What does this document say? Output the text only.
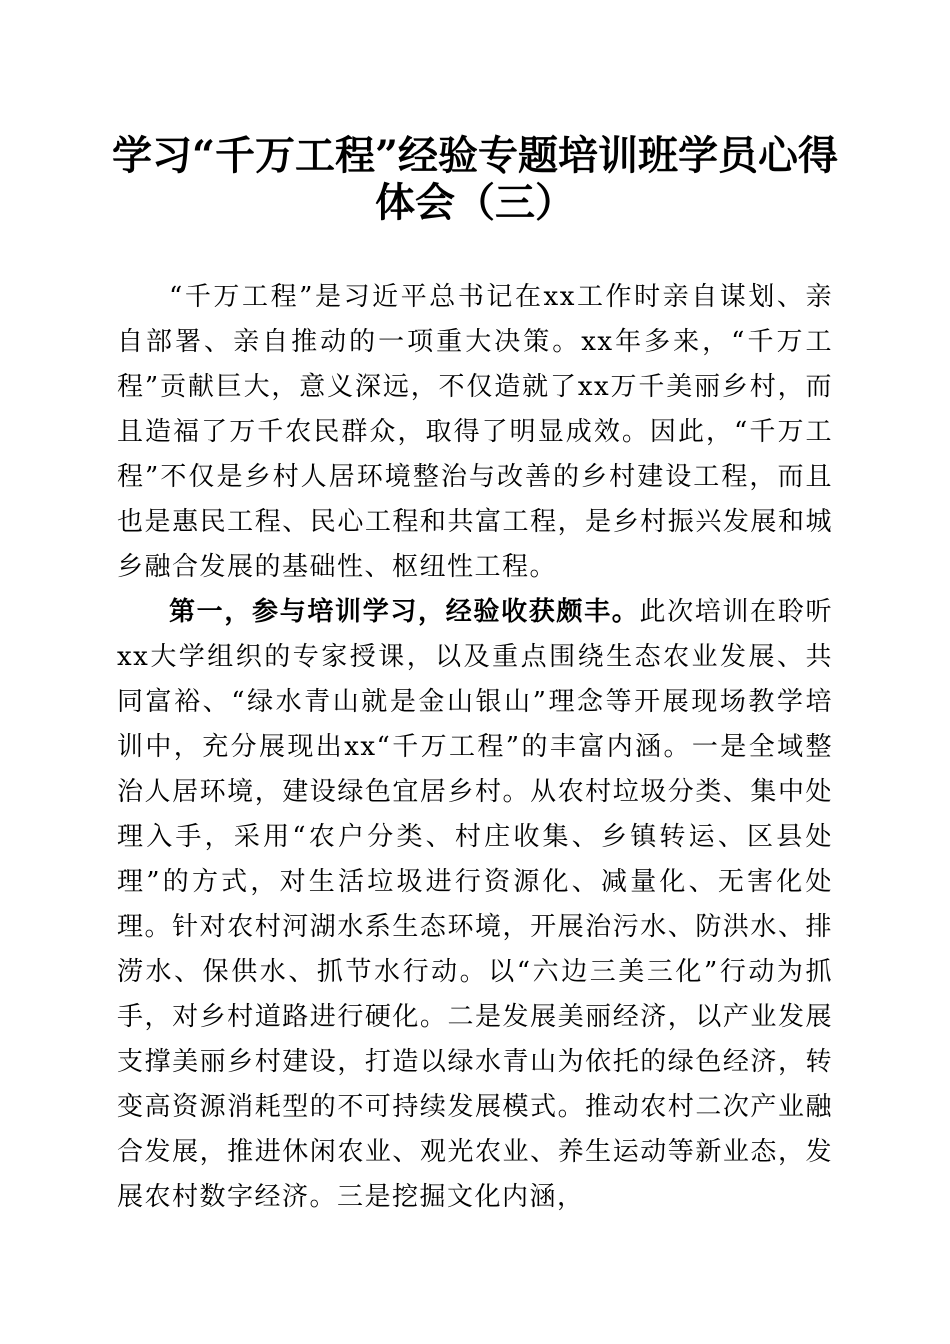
学习“千万工程”经验专题培训班学员心得体会（三）

“千万工程”是习近平总书记在xx工作时亲自谋划、亲自部署、亲自推动的一项重大决策。xx年多来，“千万工程”贡献巨大，意义深远，不仅造就了xx万千美丽乡村，而且造福了万千农民群众，取得了明显成效。因此，“千万工程”不仅是乡村人居环境整治与改善的乡村建设工程，而且也是惠民工程、民心工程和共富工程，是乡村振兴发展和城乡融合发展的基础性、枢纽性工程。

第一，参与培训学习，经验收获颇丰。此次培训在聆听xx大学组织的专家授课，以及重点围绕生态农业发展、共同富裕、“绿水青山就是金山银山”理念等开展现场教学培训中，充分展现出xx“千万工程”的丰富内涵。一是全域整治人居环境，建设绿色宜居乡村。从农村垃圾分类、集中处理入手，采用“农户分类、村庄收集、乡镇转运、区县处理”的方式，对生活垃圾进行资源化、减量化、无害化处理。针对农村河湖水系生态环境，开展治污水、防洪水、排涝水、保供水、抓节水行动。以“六边三美三化”行动为抓手，对乡村道路进行硬化。二是发展美丽经济，以产业发展支撑美丽乡村建设，打造以绿水青山为依托的绿色经济，转变高资源消耗型的不可持续发展模式。推动农村二次产业融合发展，推进休闲农业、观光农业、养生运动等新业态，发展农村数字经济。三是挖掘文化内涵，
